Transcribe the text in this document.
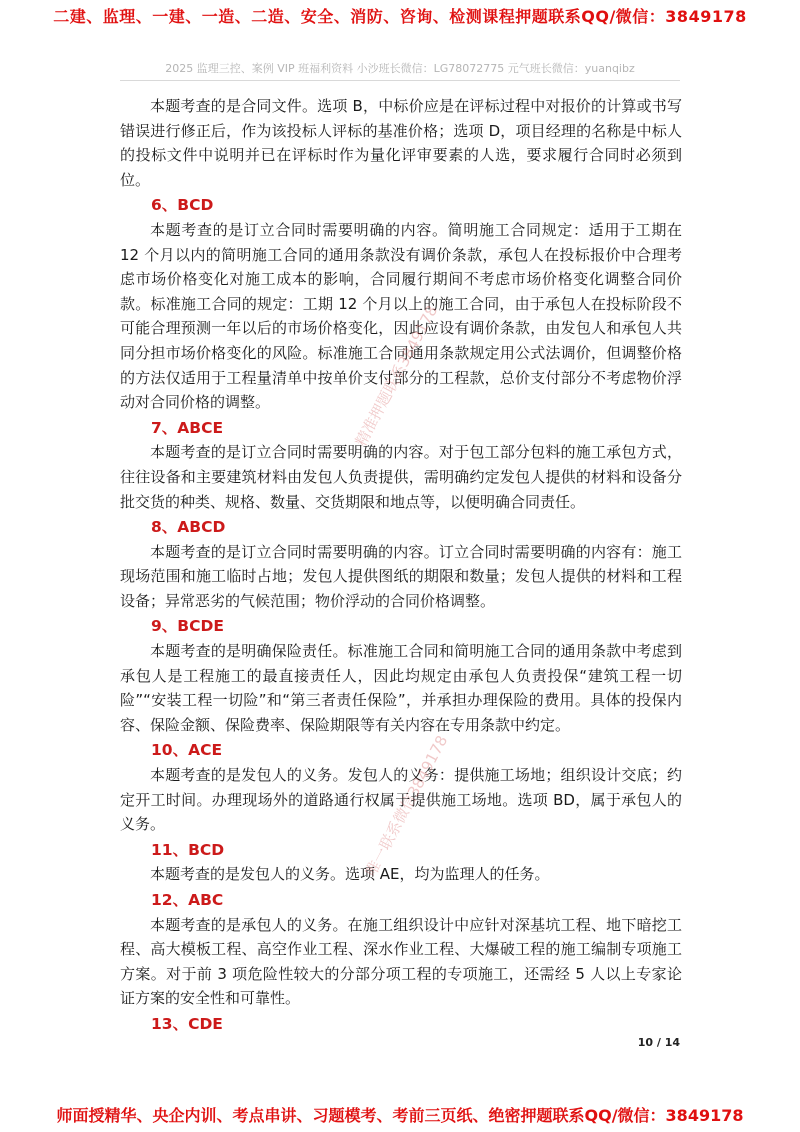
二建、监理、一建、一造、二造、安全、消防、咨询、检测课程押题联系QQ/微信：3849178
2025 监理三控、案例 VIP 班福利资料 小沙班长微信：LG78072775 元气班长微信：yuanqibz

本题考查的是合同文件。选项 B，中标价应是在评标过程中对报价的计算或书写错误进行修正后，作为该投标人评标的基准价格；选项 D，项目经理的名称是中标人的投标文件中说明并已在评标时作为量化评审要素的人选，要求履行合同时必须到位。

6、BCD

本题考查的是订立合同时需要明确的内容。简明施工合同规定：适用于工期在 12 个月以内的简明施工合同的通用条款没有调价条款，承包人在投标报价中合理考虑市场价格变化对施工成本的影响，合同履行期间不考虑市场价格变化调整合同价款。标准施工合同的规定：工期 12 个月以上的施工合同，由于承包人在投标阶段不可能合理预测一年以后的市场价格变化，因此应设有调价条款，由发包人和承包人共同分担市场价格变化的风险。标准施工合同通用条款规定用公式法调价，但调整价格的方法仅适用于工程量清单中按单价支付部分的工程款，总价支付部分不考虑物价浮动对合同价格的调整。

7、ABCE

本题考查的是订立合同时需要明确的内容。对于包工部分包料的施工承包方式，往往设备和主要建筑材料由发包人负责提供，需明确约定发包人提供的材料和设备分批交货的种类、规格、数量、交货期限和地点等，以便明确合同责任。

8、ABCD

本题考查的是订立合同时需要明确的内容。订立合同时需要明确的内容有：施工现场范围和施工临时占地；发包人提供图纸的期限和数量；发包人提供的材料和工程设备；异常恶劣的气候范围；物价浮动的合同价格调整。

9、BCDE

本题考查的是明确保险责任。标准施工合同和简明施工合同的通用条款中考虑到承包人是工程施工的最直接责任人，因此均规定由承包人负责投保“建筑工程一切险”“安装工程一切险”和“第三者责任保险”，并承担办理保险的费用。具体的投保内容、保险金额、保险费率、保险期限等有关内容在专用条款中约定。

10、ACE

本题考查的是发包人的义务。发包人的义务：提供施工场地；组织设计交底；约定开工时间。办理现场外的道路通行权属于提供施工场地。选项 BD，属于承包人的义务。

11、BCD

本题考查的是发包人的义务。选项 AE，均为监理人的任务。

12、ABC

本题考查的是承包人的义务。在施工组织设计中应针对深基坑工程、地下暗挖工程、高大模板工程、高空作业工程、深水作业工程、大爆破工程的施工编制专项施工方案。对于前 3 项危险性较大的分部分项工程的专项施工，还需经 5 人以上专家论证方案的安全性和可靠性。

13、CDE

精准押题联系3849178
唯一联系微信3849178
10 / 14
师面授精华、央企内训、考点串讲、习题模考、考前三页纸、绝密押题联系QQ/微信：3849178
